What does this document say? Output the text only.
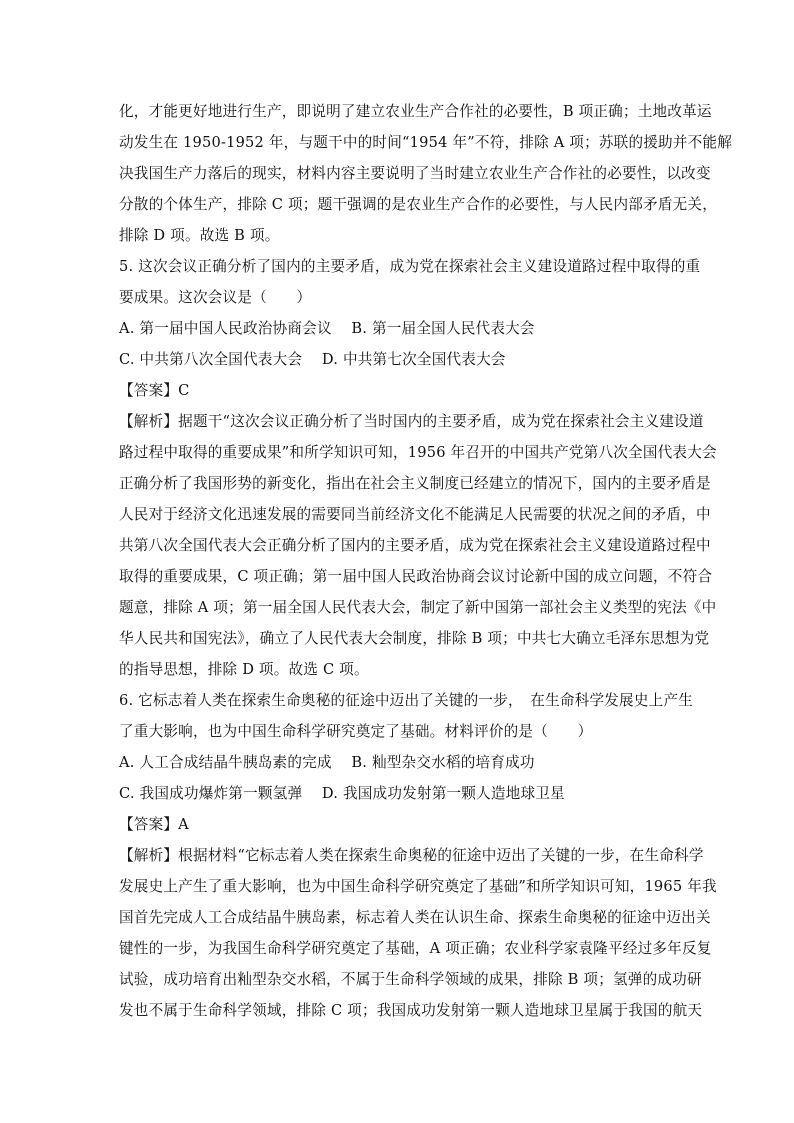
化，才能更好地进行生产，即说明了建立农业生产合作社的必要性，B 项正确；土地改革运
动发生在 1950-1952 年，与题干中的时间“1954 年”不符，排除 A 项；苏联的援助并不能解
决我国生产力落后的现实，材料内容主要说明了当时建立农业生产合作社的必要性，以改变
分散的个体生产，排除 C 项；题干强调的是农业生产合作的必要性，与人民内部矛盾无关，
排除 D 项。故选 B 项。
5. 这次会议正确分析了国内的主要矛盾，成为党在探索社会主义建设道路过程中取得的重
要成果。这次会议是（　　）
A. 第一届中国人民政治协商会议　 B. 第一届全国人民代表大会
C. 中共第八次全国代表大会　 D. 中共第七次全国代表大会
【答案】C
【解析】据题干“这次会议正确分析了当时国内的主要矛盾，成为党在探索社会主义建设道
路过程中取得的重要成果”和所学知识可知，1956 年召开的中国共产党第八次全国代表大会
正确分析了我国形势的新变化，指出在社会主义制度已经建立的情况下，国内的主要矛盾是
人民对于经济文化迅速发展的需要同当前经济文化不能满足人民需要的状况之间的矛盾，中
共第八次全国代表大会正确分析了国内的主要矛盾，成为党在探索社会主义建设道路过程中
取得的重要成果，C 项正确；第一届中国人民政治协商会议讨论新中国的成立问题，不符合
题意，排除 A 项；第一届全国人民代表大会，制定了新中国第一部社会主义类型的宪法《中
华人民共和国宪法》，确立了人民代表大会制度，排除 B 项；中共七大确立毛泽东思想为党
的指导思想，排除 D 项。故选 C 项。
6. 它标志着人类在探索生命奥秘的征途中迈出了关键的一步，　在生命科学发展史上产生
了重大影响，也为中国生命科学研究奠定了基础。材料评价的是（　　）
A. 人工合成结晶牛胰岛素的完成　 B. 籼型杂交水稻的培育成功
C. 我国成功爆炸第一颗氢弹　 D. 我国成功发射第一颗人造地球卫星
【答案】A
【解析】根据材料“它标志着人类在探索生命奥秘的征途中迈出了关键的一步，在生命科学
发展史上产生了重大影响，也为中国生命科学研究奠定了基础”和所学知识可知，1965 年我
国首先完成人工合成结晶牛胰岛素，标志着人类在认识生命、探索生命奥秘的征途中迈出关
键性的一步，为我国生命科学研究奠定了基础，A 项正确；农业科学家袁隆平经过多年反复
试验，成功培育出籼型杂交水稻，不属于生命科学领域的成果，排除 B 项；氢弹的成功研
发也不属于生命科学领域，排除 C 项；我国成功发射第一颗人造地球卫星属于我国的航天
